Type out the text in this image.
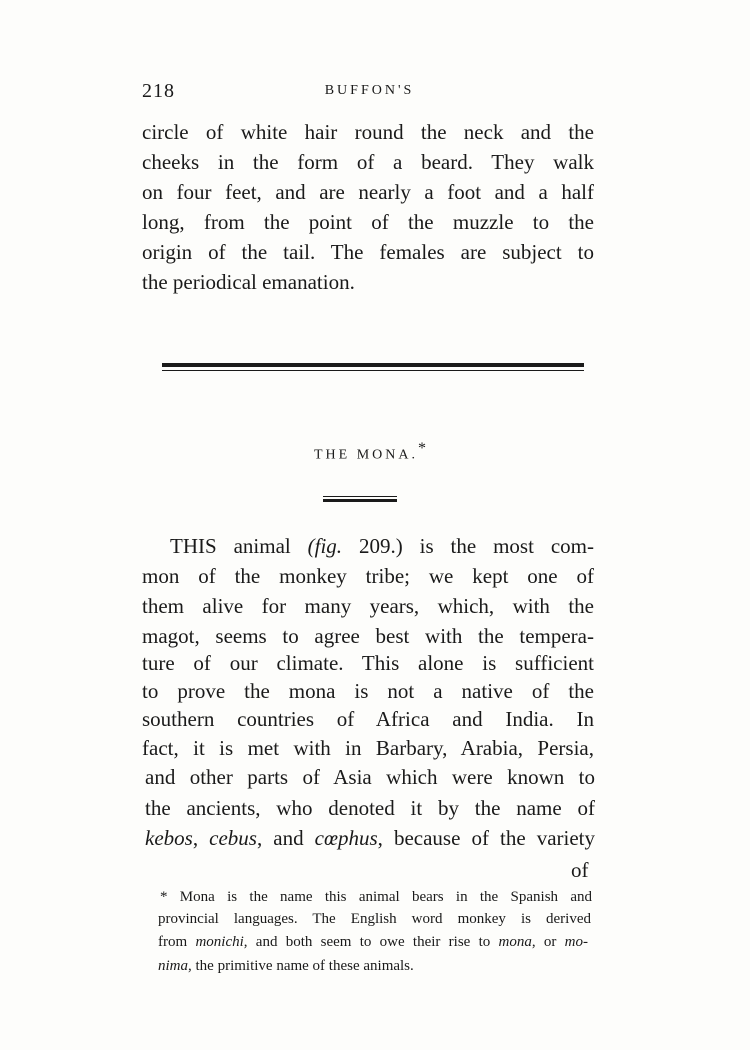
218	BUFFON'S
circle of white hair round the neck and the
cheeks in the form of a beard. They walk
on four feet, and are nearly a foot and a half
long, from the point of the muzzle to the
origin of the tail. The females are subject to
the periodical emanation.
THE MONA.*
THIS animal (fig. 209.) is the most com-
mon of the monkey tribe; we kept one of
them alive for many years, which, with the
magot, seems to agree best with the tempera-
ture of our climate. This alone is sufficient
to prove the mona is not a native of the
southern countries of Africa and India. In
fact, it is met with in Barbary, Arabia, Persia,
and other parts of Asia which were known to
the ancients, who denoted it by the name of
kebos, cebus, and cœphus, because of the variety
of
* Mona is the name this animal bears in the Spanish and
provincial languages. The English word monkey is derived
from monichi, and both seem to owe their rise to mona, or mo-
nima, the primitive name of these animals.
